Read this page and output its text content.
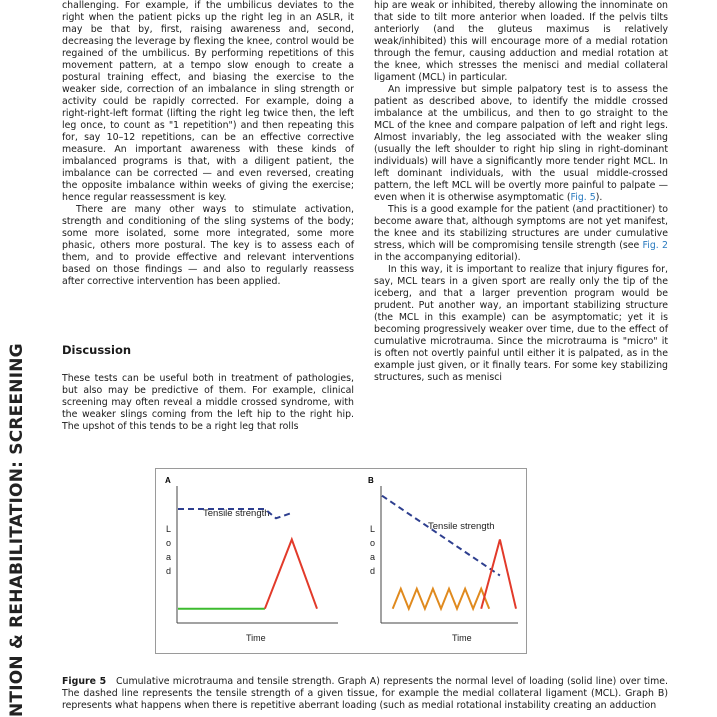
NTION & REHABILITATION: SCREENING

challenging. For example, if the umbilicus deviates to the right when the patient picks up the right leg in an ASLR, it may be that by, first, raising awareness and, second, decreasing the leverage by flexing the knee, control would be regained of the umbilicus. By performing repetitions of this movement pattern, at a tempo slow enough to create a postural training effect, and biasing the exercise to the weaker side, correction of an imbalance in sling strength or activity could be rapidly corrected. For example, doing a right-right-left format (lifting the right leg twice then, the left leg once, to count as "1 repetition") and then repeating this for, say 10–12 repetitions, can be an effective corrective measure. An important awareness with these kinds of imbalanced programs is that, with a diligent patient, the imbalance can be corrected — and even reversed, creating the opposite imbalance within weeks of giving the exercise; hence regular reassessment is key.

There are many other ways to stimulate activation, strength and conditioning of the sling systems of the body; some more isolated, some more integrated, some more phasic, others more postural. The key is to assess each of them, and to provide effective and relevant interventions based on those findings — and also to regularly reassess after corrective intervention has been applied.

Discussion
These tests can be useful both in treatment of pathologies, but also may be predictive of them. For example, clinical screening may often reveal a middle crossed syndrome, with the weaker slings coming from the left hip to the right hip. The upshot of this tends to be a right leg that rolls

hip are weak or inhibited, thereby allowing the innominate on that side to tilt more anterior when loaded. If the pelvis tilts anteriorly (and the gluteus maximus is relatively weak/inhibited) this will encourage more of a medial rotation through the femur, causing adduction and medial rotation at the knee, which stresses the menisci and medial collateral ligament (MCL) in particular.

An impressive but simple palpatory test is to assess the patient as described above, to identify the middle crossed imbalance at the umbilicus, and then to go straight to the MCL of the knee and compare palpation of left and right legs. Almost invariably, the leg associated with the weaker sling (usually the left shoulder to right hip sling in right-dominant individuals) will have a significantly more tender right MCL. In left dominant individuals, with the usual middle-crossed pattern, the left MCL will be overtly more painful to palpate — even when it is otherwise asymptomatic (Fig. 5).

This is a good example for the patient (and practitioner) to become aware that, although symptoms are not yet manifest, the knee and its stabilizing structures are under cumulative stress, which will be compromising tensile strength (see Fig. 2 in the accompanying editorial).

In this way, it is important to realize that injury figures for, say, MCL tears in a given sport are really only the tip of the iceberg, and that a larger prevention program would be prudent. Put another way, an important stabilizing structure (the MCL in this example) can be asymptomatic; yet it is becoming progressively weaker over time, due to the effect of cumulative microtrauma. Since the microtrauma is "micro" it is often not overtly painful until either it is palpated, as in the example just given, or it finally tears. For some key stabilizing structures, such as menisci

A
L
o
a
d
Tensile strength
Time
B
L
o
a
d
Tensile strength
Time
Figure 5 Cumulative microtrauma and tensile strength. Graph A) represents the normal level of loading (solid line) over time. The dashed line represents the tensile strength of a given tissue, for example the medial collateral ligament (MCL). Graph B) represents what happens when there is repetitive aberrant loading (such as medial rotational instability creating an adduction
